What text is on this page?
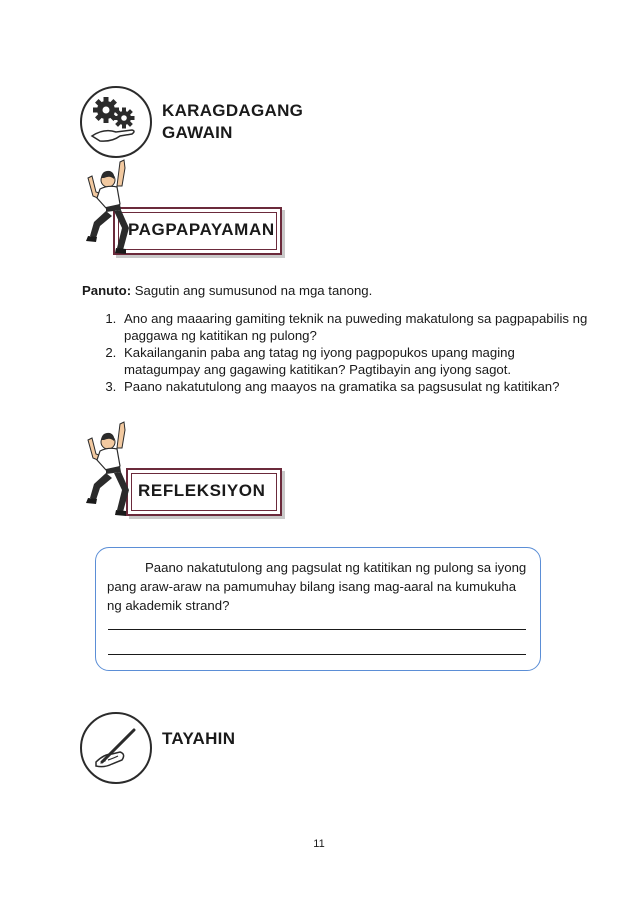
KARAGDAGANG
GAWAIN
PAGPAPAYAMAN
Panuto: Sagutin ang sumusunod na mga tanong.
1. Ano ang maaaring gamiting teknik na puweding makatulong sa pagpapabilis ng paggawa ng katitikan ng pulong?
2. Kakailanganin paba ang tatag ng iyong pagpopukos upang maging matagumpay ang gagawing katitikan? Pagtibayin ang iyong sagot.
3. Paano nakatutulong ang maayos na gramatika sa pagsusulat ng katitikan?
REFLEKSIYON
Paano nakatutulong ang pagsulat ng katitikan ng pulong sa iyong pang araw-araw na pamumuhay bilang isang mag-aaral na kumukuha ng akademik strand?
TAYAHIN
11
